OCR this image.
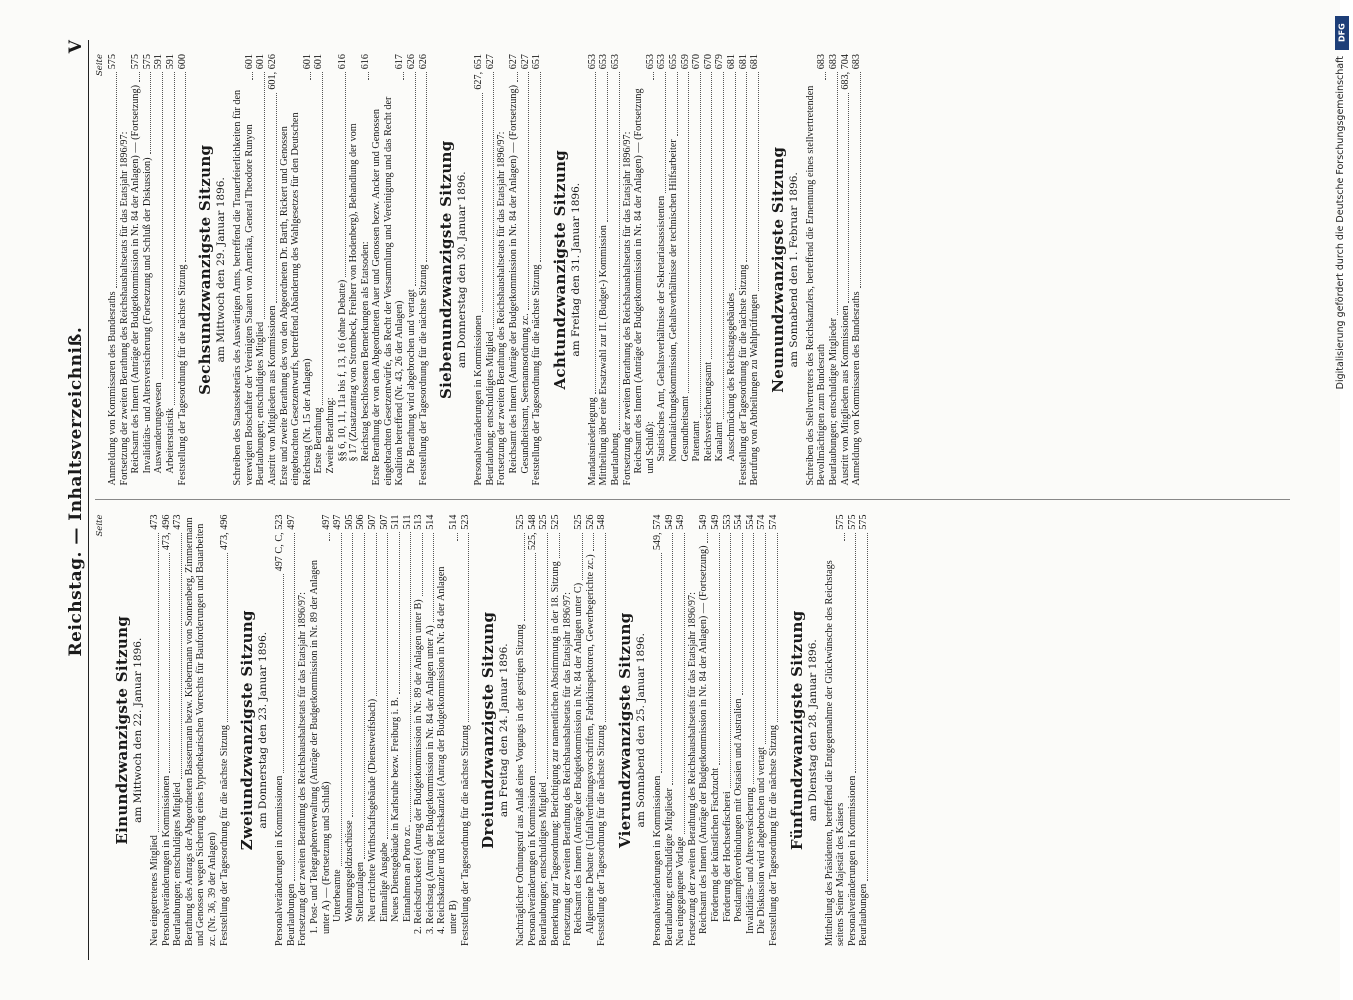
Reichstag. — Inhaltsverzeichniß.
V
Seite
Einundzwanzigste Sitzung am Mittwoch den 22. Januar 1896.
Neu eingetretenes Mitglied
473
Personalveränderungen in Kommissionen
473, 496
Beurlaubungen; entschuldigtes Mitglied
473 Berathung des Antrags der Abgeordneten Bassermann bezw. Kiebermann von Sonnenberg, Zimmermann und Genossen wegen Sicherung eines hypothekarischen Vorrechts für Bauforderungen und Bauarbeiten zc. (Nr. 36, 39 der Anlagen) Feststellung der Tagesordnung für die nächste Sitzung
473, 496
Zweiundzwanzigste Sitzung am Donnerstag den 23. Januar 1896.
Personalveränderungen in Kommissionen
497 C, C, 523
Beurlaubungen
497
Fortsetzung der zweiten Berathung des Reichshaushaltsetats für das Etatsjahr 1896/97: 1. Post- und Telegraphenverwaltung (Anträge der Budgetkommission in Nr. 89 der Anlagen unter A) — (Fortsetzung und Schluß)
497
Unterbeamte
497
Wohnungsgeldzuschüsse
505
Stellenzulagen
506
Neu errichtete Wirthschaftsgebäude (Dienstweifsbach)
507
Einmalige Ausgabe
507
Neues Dienstgebäude in Karlsruhe bezw. Freiburg i. B.
511
Einnahmen an Porto zc.
511
2. Reichsdruckerei (Antrag der Budgetkommission in Nr. 89 der Anlagen unter B)
513
3. Reichstag (Antrag der Budgetkommission in Nr. 84 der Anlagen unter A)
514
4. Reichskanzler und Reichskanzlei (Antrag der Budgetkommission in Nr. 84 der Anlagen unter B)
514
Feststellung der Tagesordnung für die nächste Sitzung
523
Dreiundzwanzigste Sitzung am Freitag den 24. Januar 1896. Nachträglicher Ordnungsruf aus Anlaß eines Vorgangs in der gestrigen Sitzung
525
Personalveränderungen in Kommissionen
525, 548
Beurlaubungen; entschuldigtes Mitglied
525
Bemerkung zur Tagesordnung: Berichtigung zur namentlichen Abstimmung in der 18. Sitzung
525
Fortsetzung der zweiten Berathung des Reichshaushaltsetats für das Etatsjahr 1896/97: Reichsamt des Innern (Anträge der Budgetkommission in Nr. 84 der Anlagen unter C)
525
Allgemeine Debatte (Unfallverhütungsvorschriften, Fabrikinspektoren, Gewerbegerichte zc.)
526
Feststellung der Tagesordnung für die nächste Sitzung
548
Vierundzwanzigste Sitzung am Sonnabend den 25. Januar 1896.
Personalveränderungen in Kommissionen
549, 574
Beurlaubung; entschuldigte Mitglieder
549
Neu eingegangene Vorlage
549
Fortsetzung der zweiten Berathung des Reichshaushaltsetats für das Etatsjahr 1896/97: Reichsamt des Innern (Anträge der Budgetkommission in Nr. 84 der Anlagen) — (Fortsetzung)
549
Förderung der künstlichen Fischzucht
549
Förderung der Hochseefischerei
553
Postdampferverbindungen mit Ostasien und Australien
554
Invaliditäts- und Altersversicherung
554
Die Diskussion wird abgebrochen und vertagt
574
Feststellung der Tagesordnung für die nächste Sitzung
574
Fünfundzwanzigste Sitzung am Dienstag den 28. Januar 1896. Mittheilung des Präsidenten, betreffend die Entgegennahme der Glückwünsche des Reichstags seitens Seiner Majestät des Kaisers
575
Personalveränderungen in Kommissionen
575
Beurlaubungen
575
Seite
Anmeldung von Kommissaren des Bundesraths
575
Fortsetzung der zweiten Berathung des Reichshaushaltsetats für das Etatsjahr 1896/97: Reichsamt des Innern (Anträge der Budgetkommission in Nr. 84 der Anlagen) — (Fortsetzung)
575
Invaliditäts- und Altersversicherung (Fortsetzung und Schluß der Diskussion)
575
Auswanderungswesen
591
Arbeiterstatistik
591
Feststellung der Tagesordnung für die nächste Sitzung
600
Sechsundzwanzigste Sitzung am Mittwoch den 29. Januar 1896. Schreiben des Staatssekretärs des Auswärtigen Amts, betreffend die Trauerfeierlichkeiten für den verewigten Botschafter der Vereinigten Staaten von Amerika, General Theodore Runyon
601
Beurlaubungen; entschuldigtes Mitglied
601
Austritt von Mitgliedern aus Kommissionen
601, 626
Erste und zweite Berathung des von den Abgeordneten Dr. Barth, Rickert und Genossen eingebrachten Gesetzentwurfs, betreffend Abänderung des Wahlgesetzes für den Deutschen Reichstag (Nr. 15 der Anlagen)
601
Erste Berathung
601
Zweite Berathung: §§ 6, 10, 11, 11a bis f, 13, 16 (ohne Debatte)
616
§ 17 (Zusatzantrag von Strombeck, Freiherr von Hodenberg), Behandlung der vom Reichstag beschlossenen Bemerkungen als Etatsoden:
616
Erste Berathung der von den Abgeordneten Auer und Genossen bezw. Ancker und Genossen eingebrachten Gesetzentwürfe, das Recht der Versammlung und Vereinigung und das Recht der Koalition betreffend (Nr. 43, 26 der Anlagen)
617
Die Berathung wird abgebrochen und vertagt
626
Feststellung der Tagesordnung für die nächste Sitzung
626
Siebenundzwanzigste Sitzung am Donnerstag den 30. Januar 1896.
Personalveränderungen in Kommissionen
627, 651
Beurlaubung; entschuldigtes Mitglied
627
Fortsetzung der zweiten Berathung des Reichshaushaltsetats für das Etatsjahr 1896/97: Reichsamt des Innern (Anträge der Budgetkommission in Nr. 84 der Anlagen) — (Fortsetzung)
627
Gesundheitsamt, Seemannsordnung zc.
627
Feststellung der Tagesordnung für die nächste Sitzung
651
Achtundzwanzigste Sitzung am Freitag den 31. Januar 1896.
Mandatsniederlegung
653
Mittheilung über eine Ersatzwahl zur II. (Budget-) Kommission
653
Beurlaubung
653
Fortsetzung der zweiten Berathung des Reichshaushaltsetats für das Etatsjahr 1896/97: Reichsamt des Innern (Anträge der Budgetkommission in Nr. 84 der Anlagen) — (Fortsetzung und Schluß):
653
Statistisches Amt, Gehaltsverhältnisse der Sekretariatsassistenten
653
Normalaichungskommission, Gehaltsverhältnisse der technischen Hilfsarbeiter
655
Gesundheitsamt
659
Patentamt
670
Reichsversicherungsamt
670
Kanalamt
679
Ausschmückung des Reichstagsgebäudes
681
Feststellung der Tagesordnung für die nächste Sitzung
681
Berufung von Abtheilungen zu Wahlprüfungen
681
Neunundzwanzigste Sitzung am Sonnabend den 1. Februar 1896. Schreiben des Stellvertreters des Reichskanzlers, betreffend die Ernennung eines stellvertretenden Bevollmächtigten zum Bundesrath
683
Beurlaubungen; entschuldigte Mitglieder
683
Austritt von Mitgliedern aus Kommissionen
683, 704
Anmeldung von Kommissaren des Bundesraths
683
DFG
Digitalisierung gefördert durch die Deutsche Forschungsgemeinschaft
